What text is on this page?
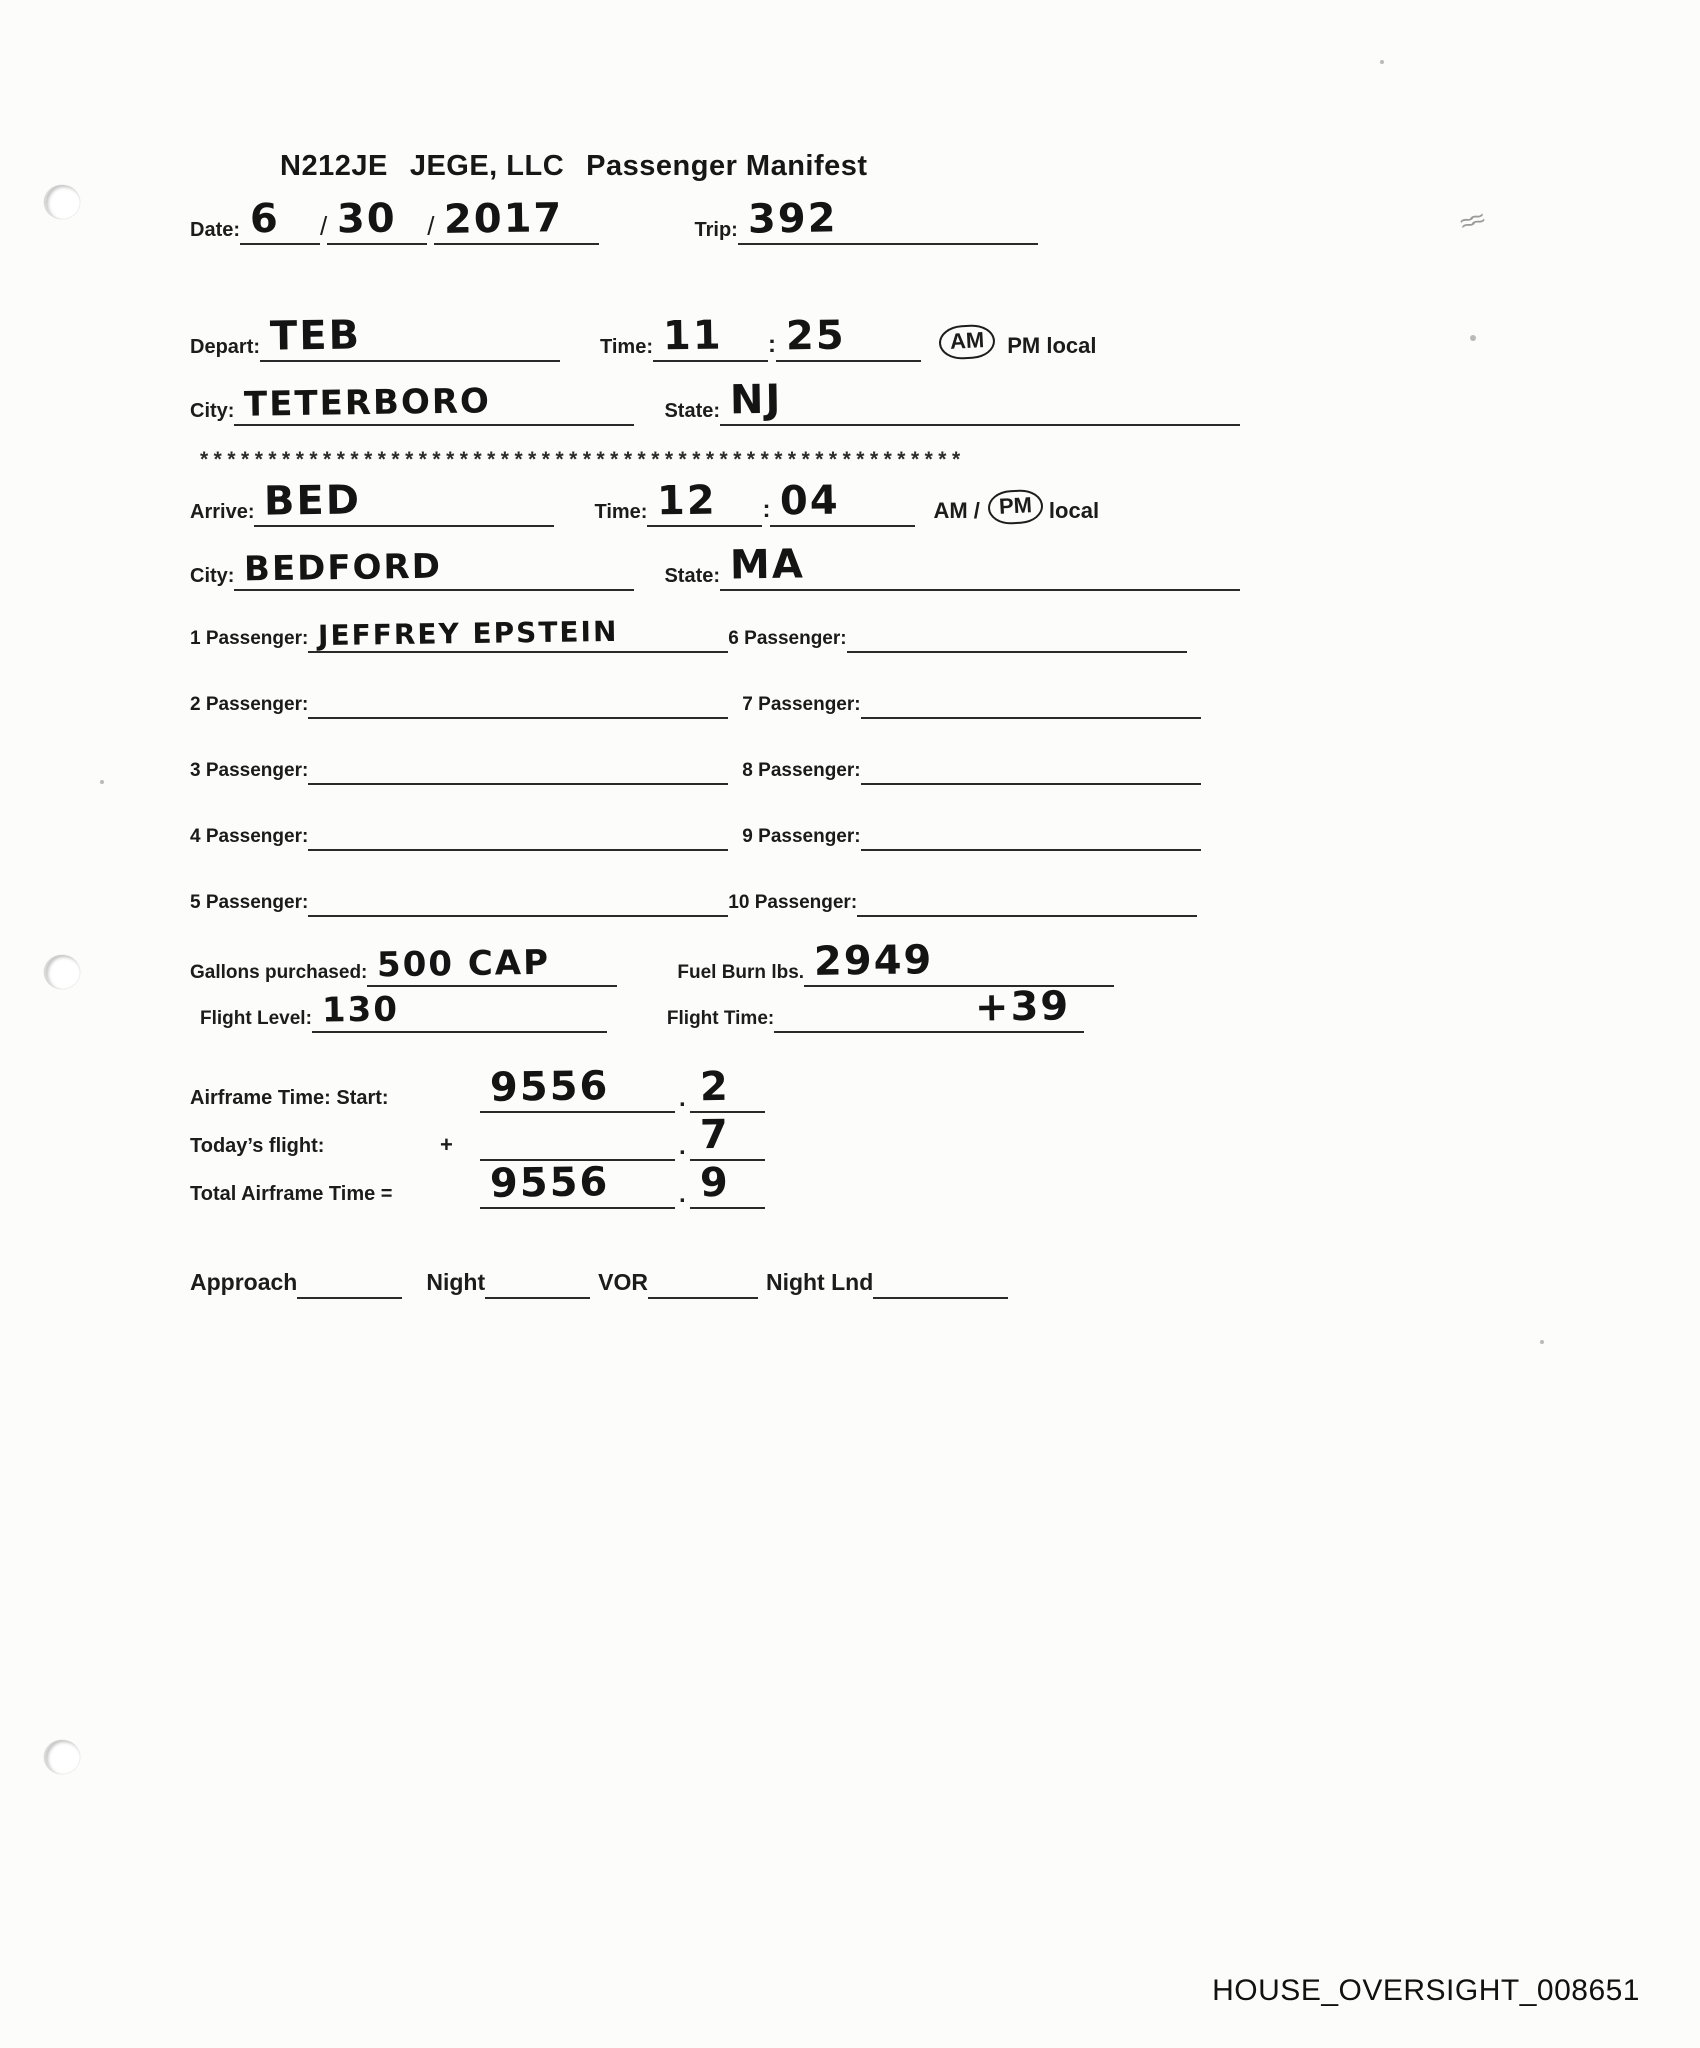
≈≈
N212JE JEGE, LLC Passenger Manifest
Date: 6 / 30 / 2017	Trip: 392
Depart: TEB	Time: 11 : 25	AM	PM local
City: TETERBORO	State: NJ
********************************************************
Arrive: BED	Time: 12 : 04	AM / PM local
City: BEDFORD	State: MA
1 Passenger: JEFFREY EPSTEIN	6 Passenger:
2 Passenger:	7 Passenger:
3 Passenger:	8 Passenger:
4 Passenger:	9 Passenger:
5 Passenger:	10 Passenger:
Gallons purchased: 500 CAP	Fuel Burn lbs. 2949
Flight Level: 130	Flight Time:	+39
Airframe Time: Start:	9556	. 2
Today’s flight:	+	. 7
Total Airframe Time =	9556	. 9
Approach	Night	VOR	Night Lnd
HOUSE_OVERSIGHT_008651
